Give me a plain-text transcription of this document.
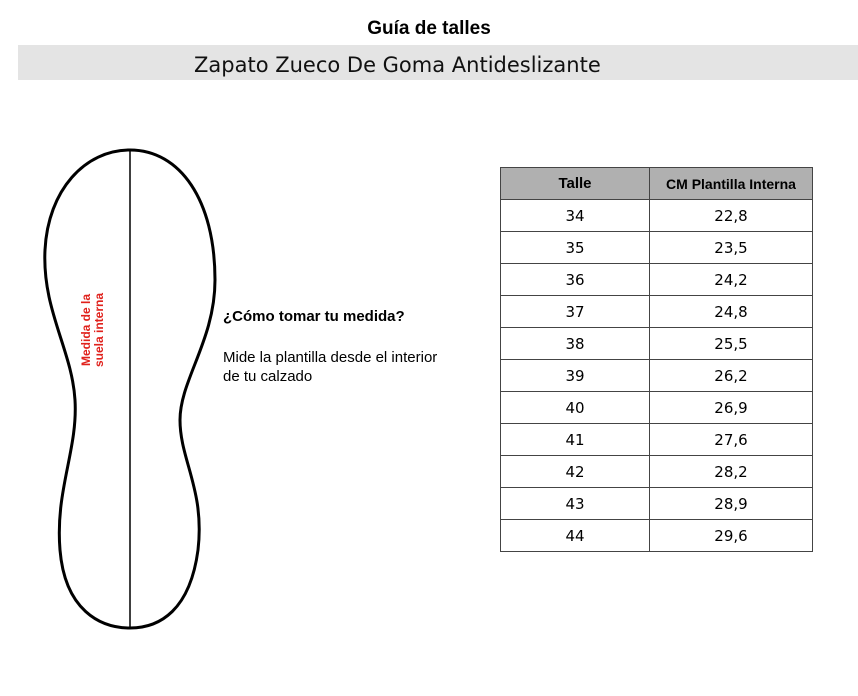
Guía de talles
Zapato Zueco De Goma Antideslizante
Medida de la suela interna	¿Cómo tomar tu medida?
Mide la plantilla desde el interior de tu calzado
Talle	CM Plantilla Interna
34	22,8
35	23,5
36	24,2
37	24,8
38	25,5
39	26,2
40	26,9
41	27,6
42	28,2
43	28,9
44	29,6
